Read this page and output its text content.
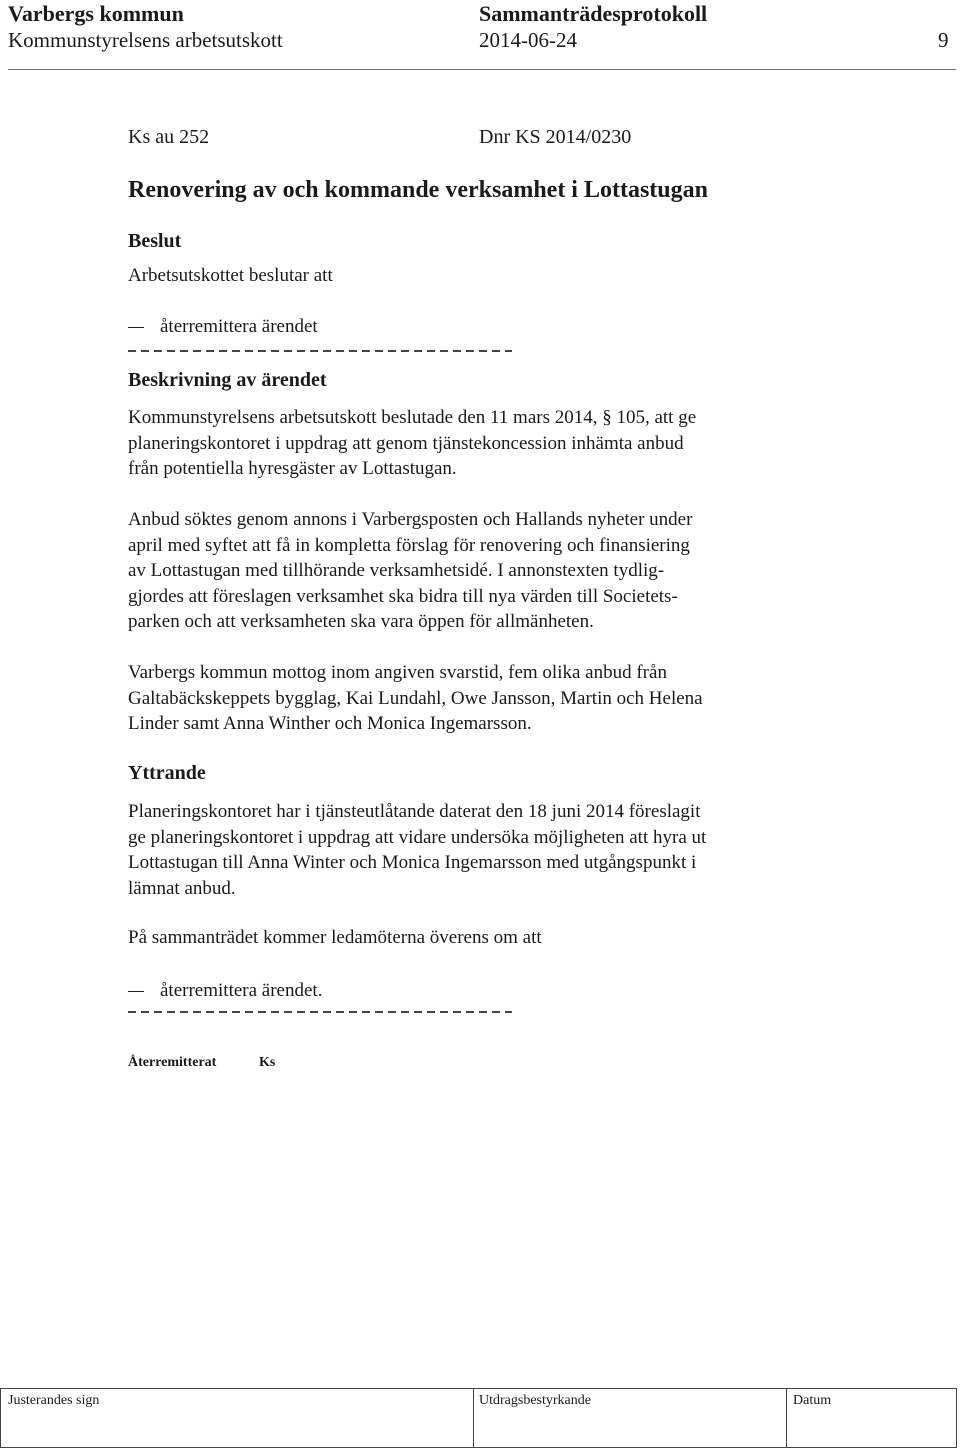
Varbergs kommun	Sammanträdesprotokoll
Kommunstyrelsens arbetsutskott	2014-06-24	9
Ks au 252	Dnr KS 2014/0230
Renovering av och kommande verksamhet i Lottastugan
Beslut
Arbetsutskottet beslutar att
återremittera ärendet
Beskrivning av ärendet
Kommunstyrelsens arbetsutskott beslutade den 11 mars 2014, § 105, att ge
planeringskontoret i uppdrag att genom tjänstekoncession inhämta anbud
från potentiella hyresgäster av Lottastugan.
Anbud söktes genom annons i Varbergsposten och Hallands nyheter under
april med syftet att få in kompletta förslag för renovering och finansiering
av Lottastugan med tillhörande verksamhetsidé. I annonstexten tydlig-
gjordes att föreslagen verksamhet ska bidra till nya värden till Societets-
parken och att verksamheten ska vara öppen för allmänheten.
Varbergs kommun mottog inom angiven svarstid, fem olika anbud från
Galtabäckskeppets bygglag, Kai Lundahl, Owe Jansson, Martin och Helena
Linder samt Anna Winther och Monica Ingemarsson.
Yttrande
Planeringskontoret har i tjänsteutlåtande daterat den 18 juni 2014 föreslagit
ge planeringskontoret i uppdrag att vidare undersöka möjligheten att hyra ut
Lottastugan till Anna Winter och Monica Ingemarsson med utgångspunkt i
lämnat anbud.
På sammanträdet kommer ledamöterna överens om att
återremittera ärendet.
Återremitterat	Ks
Justerandes sign	Utdragsbestyrkande	Datum
